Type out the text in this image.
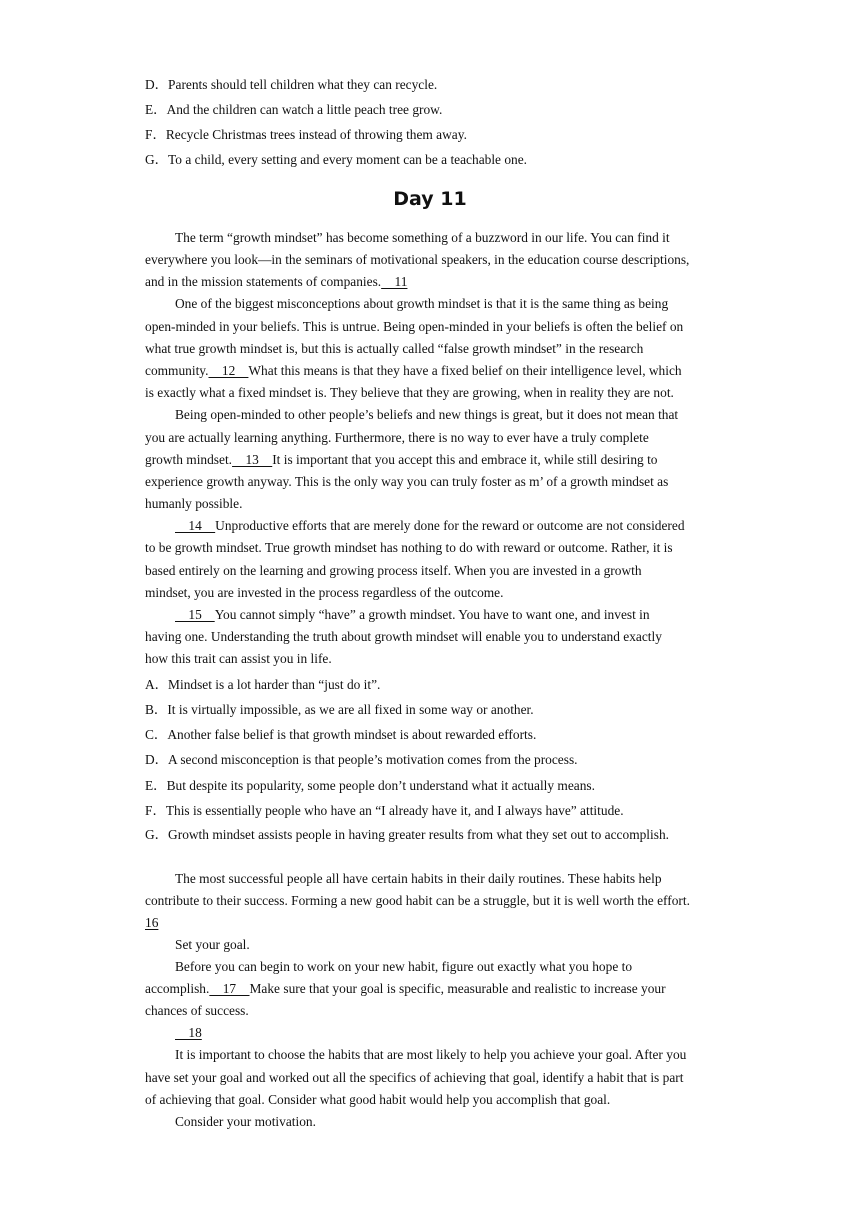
D．Parents should tell children what they can recycle.
E．And the children can watch a little peach tree grow.
F．Recycle Christmas trees instead of throwing them away.
G．To a child, every setting and every moment can be a teachable one.
Day 11
The term “growth mindset” has become something of a buzzword in our life. You can find it
everywhere you look—in the seminars of motivational speakers, in the education course descriptions,
and in the mission statements of companies.    11
One of the biggest misconceptions about growth mindset is that it is the same thing as being
open-minded in your beliefs. This is untrue. Being open-minded in your beliefs is often the belief on
what true growth mindset is, but this is actually called “false growth mindset” in the research
community.    12    What this means is that they have a fixed belief on their intelligence level, which
is exactly what a fixed mindset is. They believe that they are growing, when in reality they are not.
Being open-minded to other people’s beliefs and new things is great, but it does not mean that
you are actually learning anything. Furthermore, there is no way to ever have a truly complete
growth mindset.    13    It is important that you accept this and embrace it, while still desiring to
experience growth anyway. This is the only way you can truly foster as m’ of a growth mindset as
humanly possible.
14    Unproductive efforts that are merely done for the reward or outcome are not considered
to be growth mindset. True growth mindset has nothing to do with reward or outcome. Rather, it is
based entirely on the learning and growing process itself. When you are invested in a growth
mindset, you are invested in the process regardless of the outcome.
15    You cannot simply “have” a growth mindset. You have to want one, and invest in
having one. Understanding the truth about growth mindset will enable you to understand exactly
how this trait can assist you in life.
A．Mindset is a lot harder than “just do it”.
B．It is virtually impossible, as we are all fixed in some way or another.
C．Another false belief is that growth mindset is about rewarded efforts.
D．A second misconception is that people’s motivation comes from the process.
E．But despite its popularity, some people don’t understand what it actually means.
F．This is essentially people who have an “I already have it, and I always have” attitude.
G．Growth mindset assists people in having greater results from what they set out to accomplish.
The most successful people all have certain habits in their daily routines. These habits help
contribute to their success. Forming a new good habit can be a struggle, but it is well worth the effort.
16
Set your goal.
Before you can begin to work on your new habit, figure out exactly what you hope to
accomplish.    17    Make sure that your goal is specific, measurable and realistic to increase your
chances of success.
18
It is important to choose the habits that are most likely to help you achieve your goal. After you
have set your goal and worked out all the specifics of achieving that goal, identify a habit that is part
of achieving that goal. Consider what good habit would help you accomplish that goal.
Consider your motivation.
